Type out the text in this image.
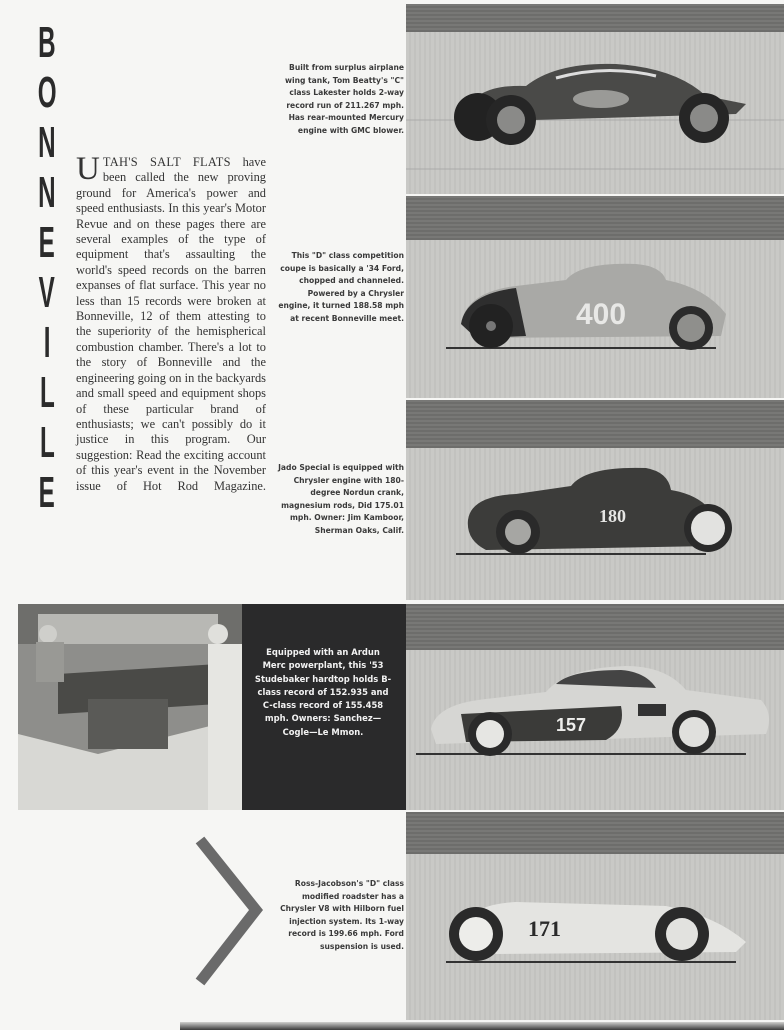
B
O
N
N
E
V
I
L
L
E
UTAH'S SALT FLATS have been called the new proving ground for America's power and speed enthusiasts. In this year's Motor Revue and on these pages there are several examples of the type of equipment that's assaulting the world's speed records on the barren expanses of flat surface. This year no less than 15 records were broken at Bonneville, 12 of them attesting to the superiority of the hemispherical combustion chamber. There's a lot to the story of Bonneville and the engineering going on in the backyards and small speed and equipment shops of these particular brand of enthusiasts; we can't possibly do it justice in this program. Our suggestion: Read the exciting account of this year's event in the November issue of Hot Rod Magazine.
Built from surplus airplane wing tank, Tom Beatty's "C" class Lakester holds 2-way record run of 211.267 mph. Has rear-mounted Mercury engine with GMC blower.
This "D" class competition coupe is basically a '34 Ford, chopped and channeled. Powered by a Chrysler engine, it turned 188.58 mph at recent Bonneville meet.
Jado Special is equipped with Chrysler engine with 180-degree Nordun crank, magnesium rods, Did 175.01 mph. Owner: Jim Kamboor, Sherman Oaks, Calif.
Ross-Jacobson's "D" class modified roadster has a Chrysler V8 with Hilborn fuel injection system. Its 1-way record is 199.66 mph. Ford suspension is used.
400
180
Equipped with an Ardun Merc powerplant, this '53 Studebaker hardtop holds B-class record of 152.935 and C-class record of 155.458 mph. Owners: Sanchez—Cogle—Le Mmon.	157
171
